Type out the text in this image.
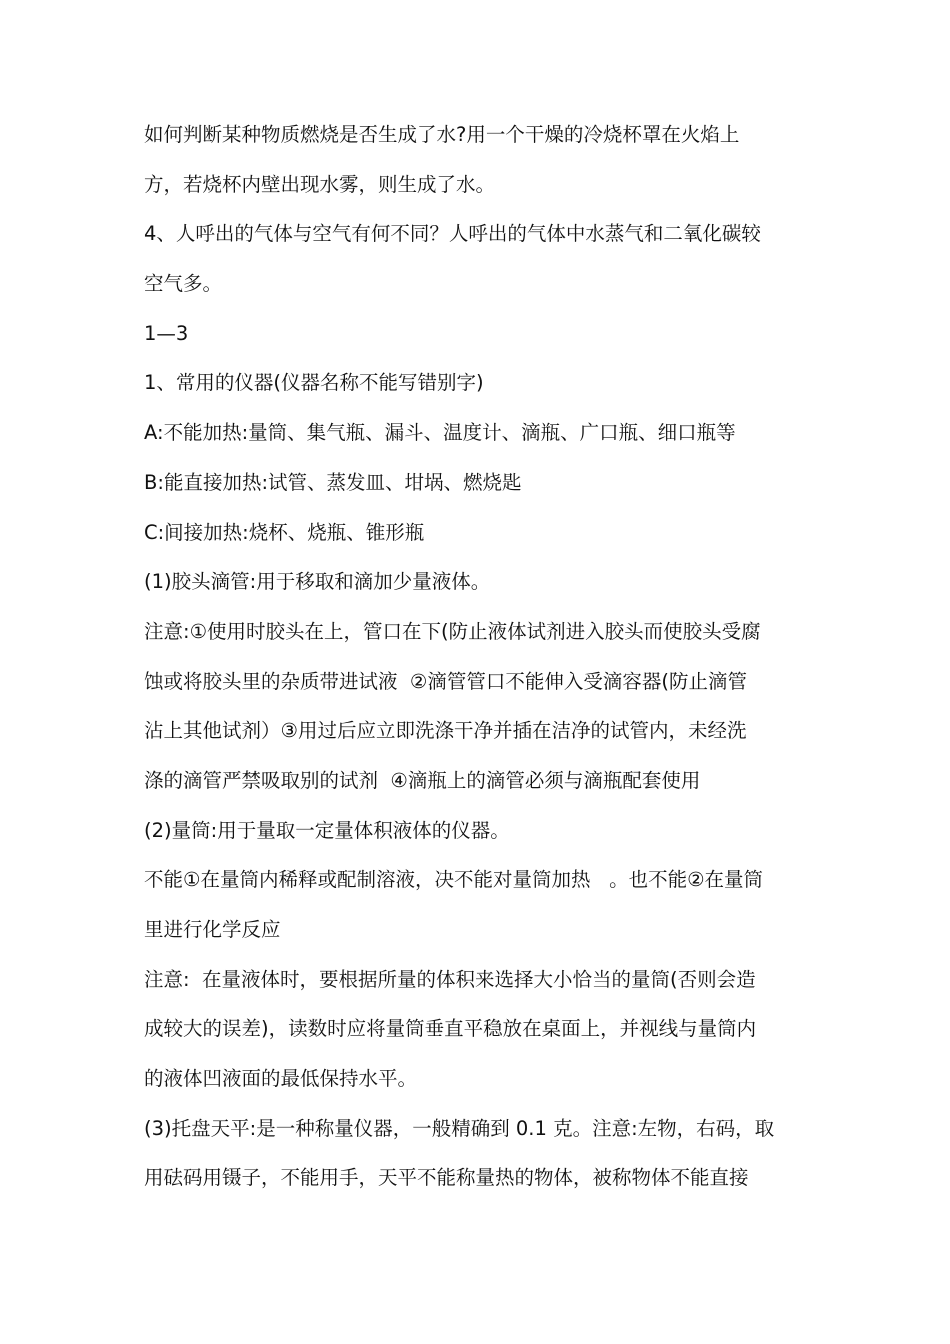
如何判断某种物质燃烧是否生成了水?用一个干燥的冷烧杯罩在火焰上
方，若烧杯内壁出现水雾，则生成了水。
4、人呼出的气体与空气有何不同？人呼出的气体中水蒸气和二氧化碳较
空气多。
1—3
1、常用的仪器(仪器名称不能写错别字)
A:不能加热:量筒、集气瓶、漏斗、温度计、滴瓶、广口瓶、细口瓶等
B:能直接加热:试管、蒸发皿、坩埚、燃烧匙
C:间接加热:烧杯、烧瓶、锥形瓶
(1)胶头滴管:用于移取和滴加少量液体。
注意:①使用时胶头在上，管口在下(防止液体试剂进入胶头而使胶头受腐
蚀或将胶头里的杂质带进试液  ②滴管管口不能伸入受滴容器(防止滴管
沾上其他试剂）③用过后应立即洗涤干净并插在洁净的试管内，未经洗
涤的滴管严禁吸取别的试剂  ④滴瓶上的滴管必须与滴瓶配套使用
(2)量筒:用于量取一定量体积液体的仪器。
不能①在量筒内稀释或配制溶液，决不能对量筒加热   。也不能②在量筒
里进行化学反应
注意:  在量液体时，要根据所量的体积来选择大小恰当的量筒(否则会造
成较大的误差)，读数时应将量筒垂直平稳放在桌面上，并视线与量筒内
的液体凹液面的最低保持水平。
(3)托盘天平:是一种称量仪器，一般精确到 0.1 克。注意:左物，右码，取
用砝码用镊子，不能用手，天平不能称量热的物体，被称物体不能直接
